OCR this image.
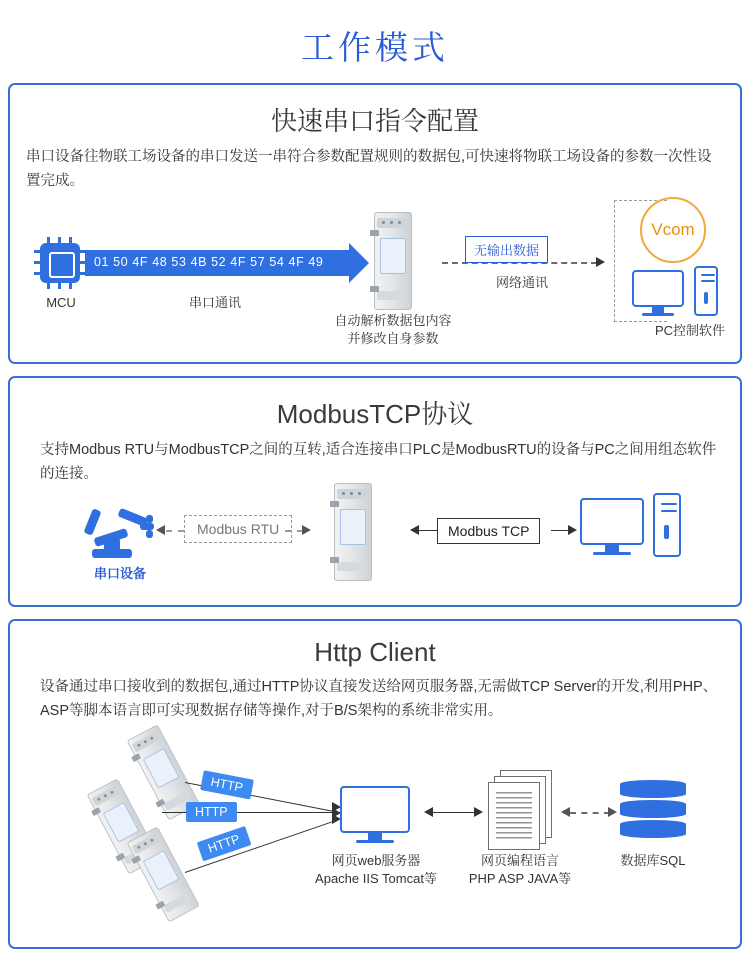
工作模式
快速串口指令配置
串口设备往物联工场设备的串口发送一串符合参数配置规则的数据包,可快速将物联工场设备的参数一次性设置完成。
MCU
01 50 4F 48 53 4B 52 4F 57 54 4F 49
串口通讯
自动解析数据包内容
并修改自身参数
无输出数据
网络通讯
Vcom
PC控制软件
ModbusTCP协议
支持Modbus RTU与ModbusTCP之间的互转,适合连接串口PLC是ModbusRTU的设备与PC之间用组态软件的连接。
串口设备
Modbus RTU	Modbus TCP
Http Client
设备通过串口接收到的数据包,通过HTTP协议直接发送给网页服务器,无需做TCP Server的开发,利用PHP、ASP等脚本语言即可实现数据存储等操作,对于B/S架构的系统非常实用。
HTTP
HTTP
HTTP
网页web服务器
Apache IIS Tomcat等
网页编程语言
PHP ASP JAVA等
数据库SQL
